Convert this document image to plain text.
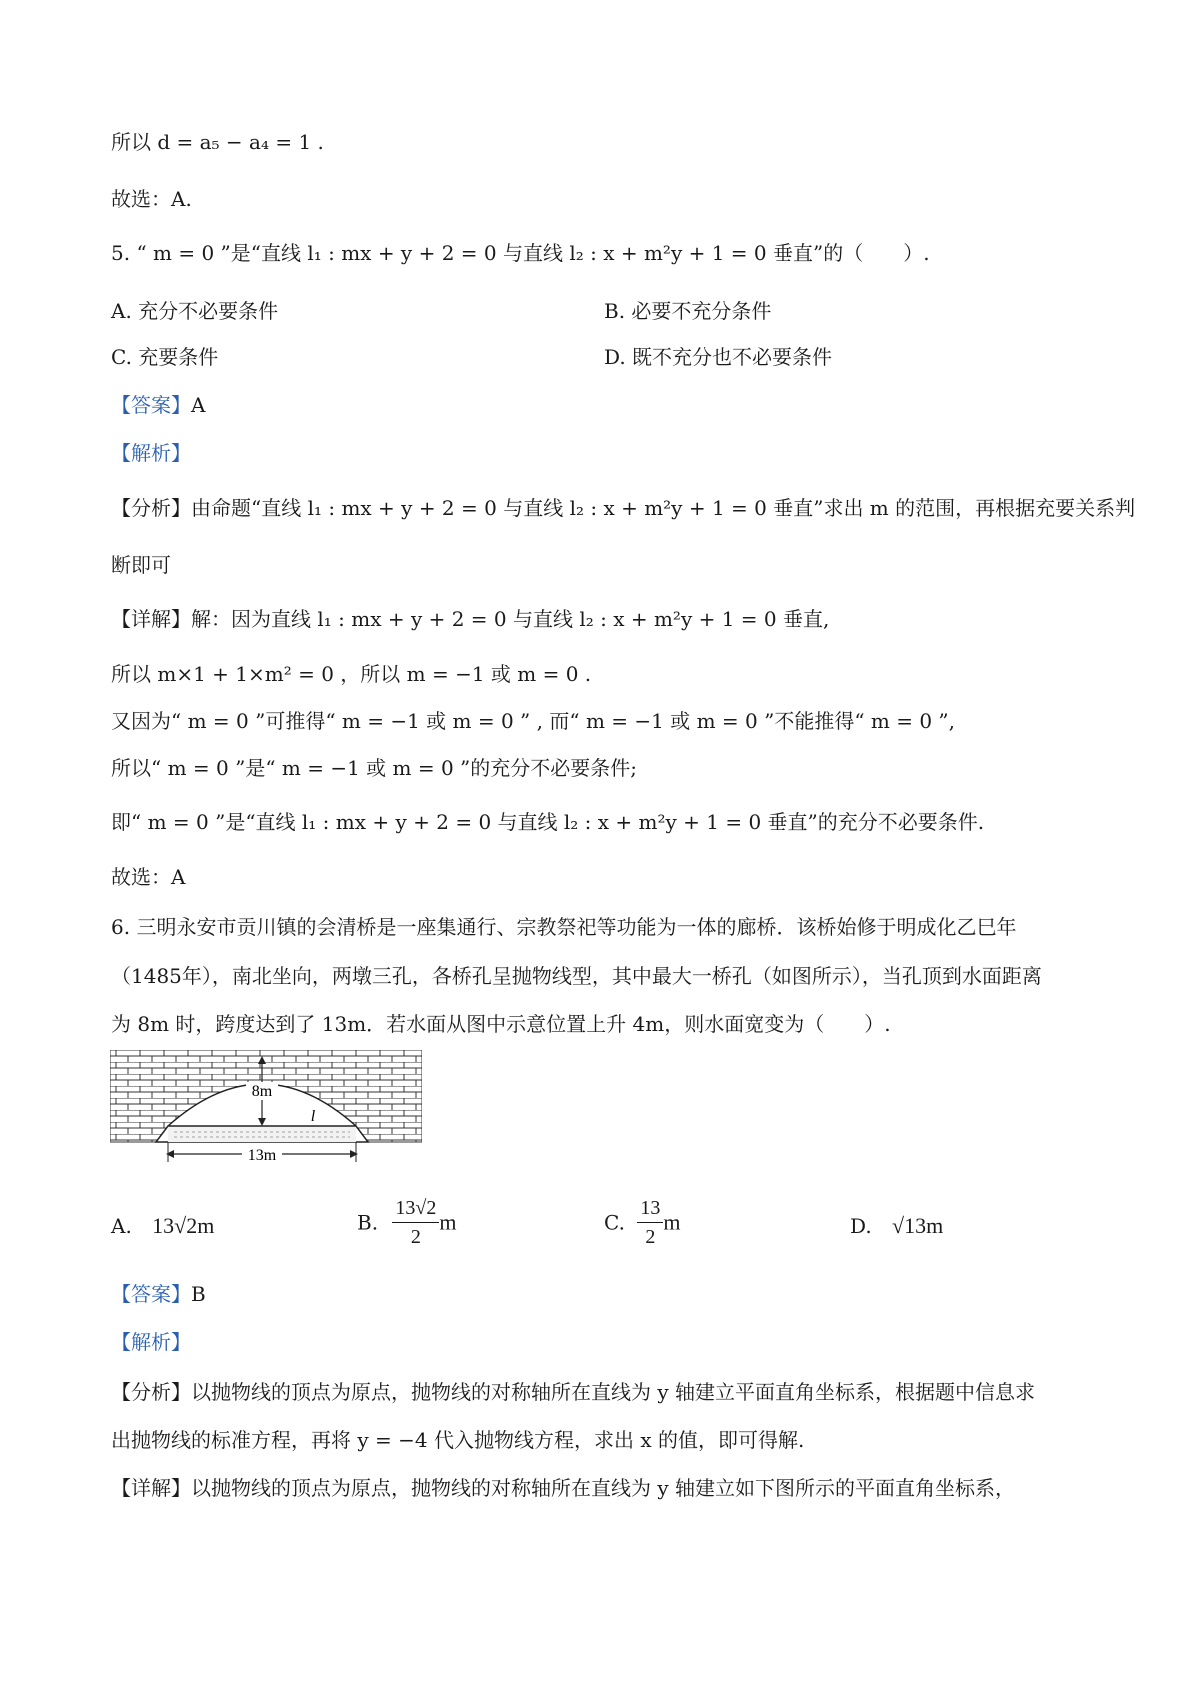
所以 d = a₅ − a₄ = 1 .
故选：A.
5. “ m = 0 ”是“直线 l₁ : mx + y + 2 = 0 与直线 l₂ : x + m²y + 1 = 0 垂直”的（　　）.
A. 充分不必要条件	B. 必要不充分条件
C. 充要条件	D. 既不充分也不必要条件
【答案】A
【解析】
【分析】由命题“直线 l₁ : mx + y + 2 = 0 与直线 l₂ : x + m²y + 1 = 0 垂直”求出 m 的范围，再根据充要关系判
断即可
【详解】解：因为直线 l₁ : mx + y + 2 = 0 与直线 l₂ : x + m²y + 1 = 0 垂直,
所以 m×1 + 1×m² = 0 ，所以 m = −1 或 m = 0 .
又因为“ m = 0 ”可推得“ m = −1 或 m = 0 ” , 而“ m = −1 或 m = 0 ”不能推得“ m = 0 ”,
所以“ m = 0 ”是“ m = −1 或 m = 0 ”的充分不必要条件;
即“ m = 0 ”是“直线 l₁ : mx + y + 2 = 0 与直线 l₂ : x + m²y + 1 = 0 垂直”的充分不必要条件.
故选：A
6. 三明永安市贡川镇的会清桥是一座集通行、宗教祭祀等功能为一体的廊桥．该桥始修于明成化乙巳年
（1485年），南北坐向，两墩三孔，各桥孔呈抛物线型，其中最大一桥孔（如图所示），当孔顶到水面距离
为 8m 时，跨度达到了 13m．若水面从图中示意位置上升 4m，则水面宽变为（　　）.
8m
l
13m
A. 13√2m	B. $\frac{13√2}{2}$ m	C. $\frac{13}{2}$ m	D. √13m
【答案】B
【解析】
【分析】以抛物线的顶点为原点，抛物线的对称轴所在直线为 y 轴建立平面直角坐标系，根据题中信息求
出抛物线的标准方程，再将 y = −4 代入抛物线方程，求出 x 的值，即可得解.
【详解】以抛物线的顶点为原点，抛物线的对称轴所在直线为 y 轴建立如下图所示的平面直角坐标系，
